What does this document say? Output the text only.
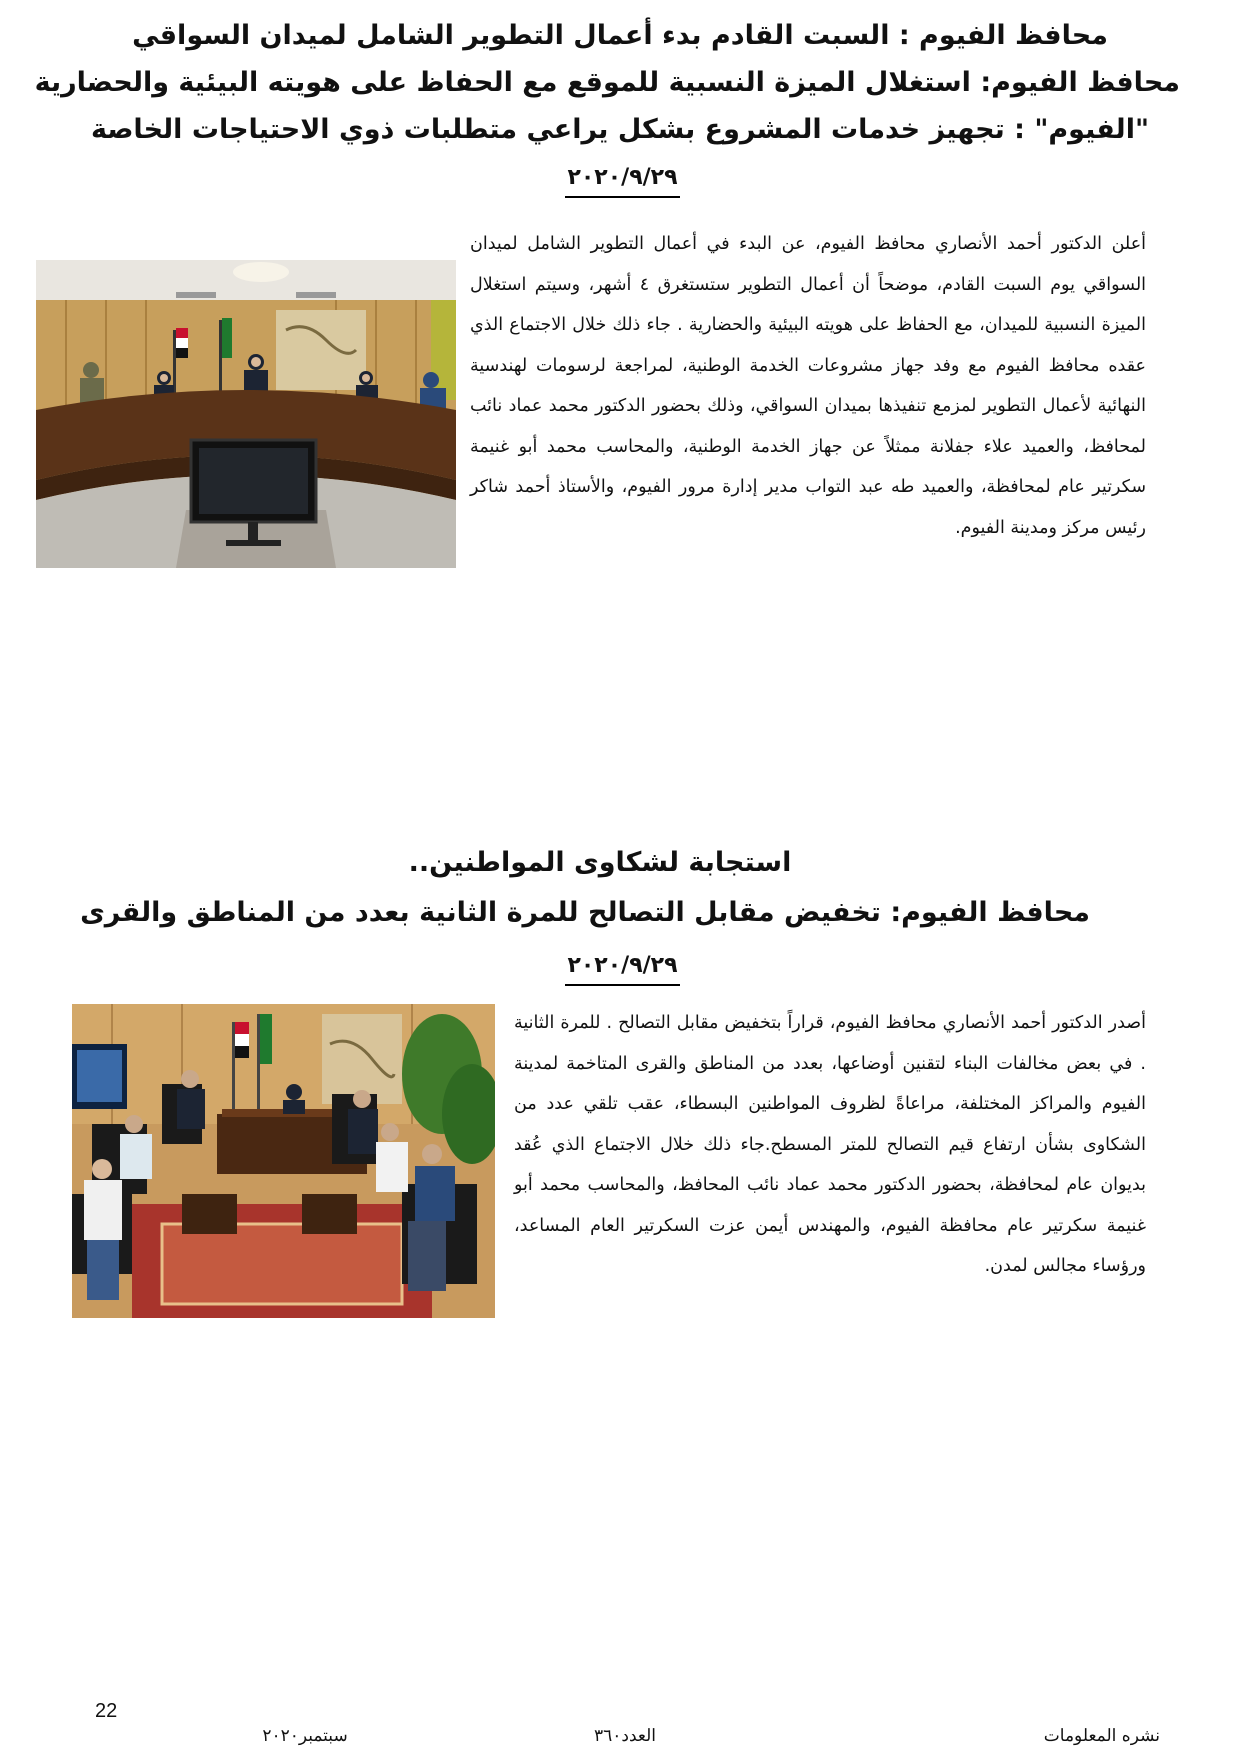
محافظ الفيوم : السبت القادم بدء أعمال التطوير الشامل لميدان السواقي
محافظ الفيوم: استغلال الميزة النسبية للموقع مع الحفاظ على هويته البيئية والحضارية
"الفيوم" : تجهيز خدمات المشروع بشكل يراعي متطلبات ذوي الاحتياجات الخاصة
٢٠٢٠/٩/٢٩
أعلن الدكتور أحمد الأنصاري محافظ الفيوم، عن البدء في أعمال التطوير الشامل لميدان السواقي يوم السبت القادم، موضحاً أن أعمال التطوير ستستغرق ٤ أشهر، وسيتم استغلال الميزة النسبية للميدان، مع الحفاظ على هويته البيئية والحضارية . جاء ذلك خلال الاجتماع الذي عقده محافظ الفيوم مع وفد جهاز مشروعات الخدمة الوطنية، لمراجعة لرسومات لهندسية النهائية لأعمال التطوير لمزمع تنفيذها بميدان السواقي، وذلك بحضور الدكتور محمد عماد نائب لمحافظ، والعميد علاء جفلانة ممثلاً عن جهاز الخدمة الوطنية، والمحاسب محمد أبو غنيمة سكرتير عام لمحافظة، والعميد طه عبد التواب مدير إدارة مرور الفيوم، والأستاذ أحمد شاكر رئيس مركز ومدينة الفيوم.
استجابة لشكاوى المواطنين..
محافظ الفيوم: تخفيض مقابل التصالح للمرة الثانية بعدد من المناطق والقرى
٢٠٢٠/٩/٢٩
أصدر الدكتور أحمد الأنصاري محافظ الفيوم، قراراً بتخفيض مقابل التصالح . للمرة الثانية . في بعض مخالفات البناء لتقنين أوضاعها، بعدد من المناطق والقرى المتاخمة لمدينة الفيوم والمراكز المختلفة، مراعاةً لظروف المواطنين البسطاء، عقب تلقي عدد من الشكاوى بشأن ارتفاع قيم التصالح للمتر المسطح.جاء ذلك خلال الاجتماع الذي عُقد بديوان عام لمحافظة، بحضور الدكتور محمد عماد نائب المحافظ، والمحاسب محمد أبو غنيمة سكرتير عام محافظة الفيوم، والمهندس أيمن عزت السكرتير العام المساعد، ورؤساء مجالس لمدن.
22
نشره المعلومات
العدد٣٦٠
سبتمبر٢٠٢٠
